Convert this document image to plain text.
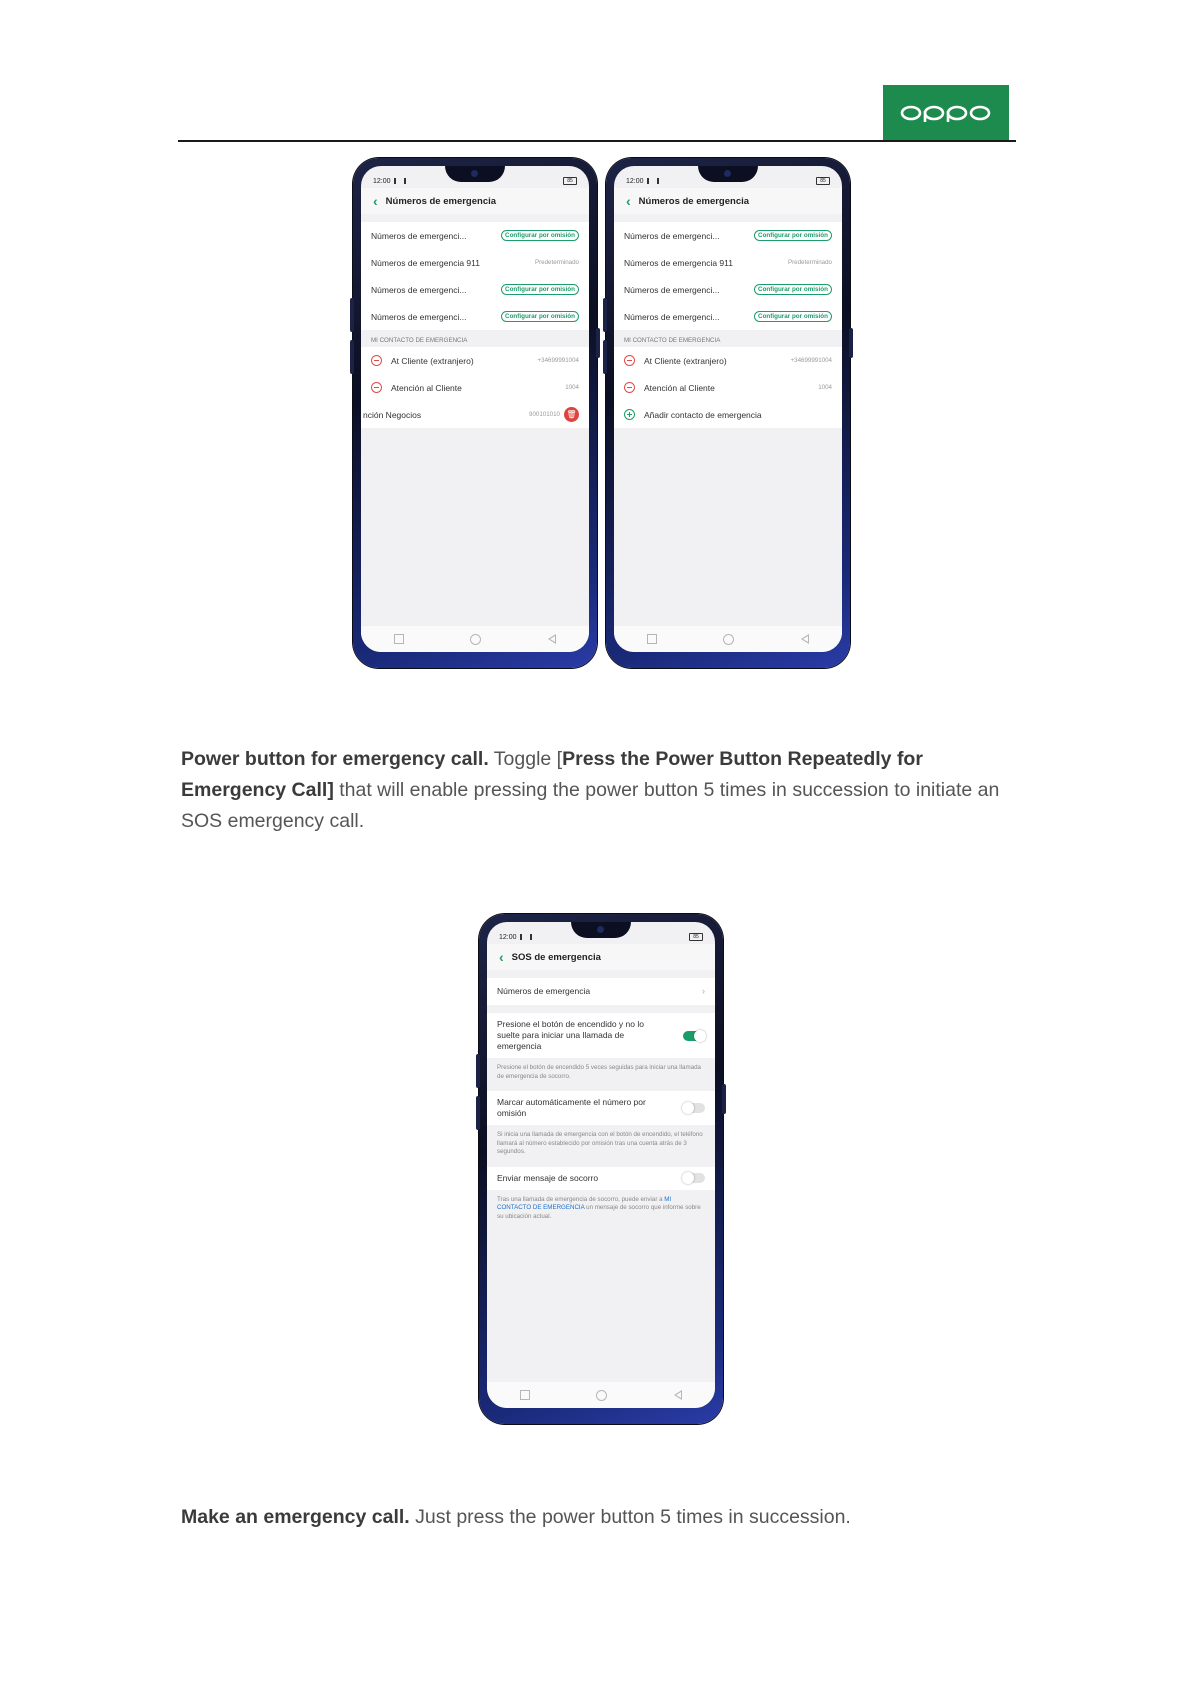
12:00	85
‹ Números de emergencia
Números de emergenci...	Configurar por omisión
Números de emergencia 911	Predeterminado
Números de emergenci...	Configurar por omisión
Números de emergenci...	Configurar por omisión
MI CONTACTO DE EMERGENCIA
At Cliente (extranjero)	+34699991004
Atención al Cliente	1004
nción Negocios	900101010 🗑
12:00	85
‹ Números de emergencia
Números de emergenci...	Configurar por omisión
Números de emergencia 911	Predeterminado
Números de emergenci...	Configurar por omisión
Números de emergenci...	Configurar por omisión
MI CONTACTO DE EMERGENCIA
At Cliente (extranjero)	+34699991004
Atención al Cliente	1004
Añadir contacto de emergencia
Power button for emergency call. Toggle [Press the Power Button Repeatedly for Emergency Call] that will enable pressing the power button 5 times in succession to initiate an SOS emergency call.
12:00	85
‹ SOS de emergencia
Números de emergencia	›
Presione el botón de encendido y no lo suelte para iniciar una llamada de emergencia
Presione el botón de encendido 5 veces seguidas para iniciar una llamada de emergencia de socorro.
Marcar automáticamente el número por omisión
Si inicia una llamada de emergencia con el botón de encendido, el teléfono llamará al número establecido por omisión tras una cuenta atrás de 3 segundos.
Enviar mensaje de socorro
Tras una llamada de emergencia de socorro, puede enviar a MI CONTACTO DE EMERGENCIA un mensaje de socorro que informe sobre su ubicación actual.
Make an emergency call. Just press the power button 5 times in succession.
